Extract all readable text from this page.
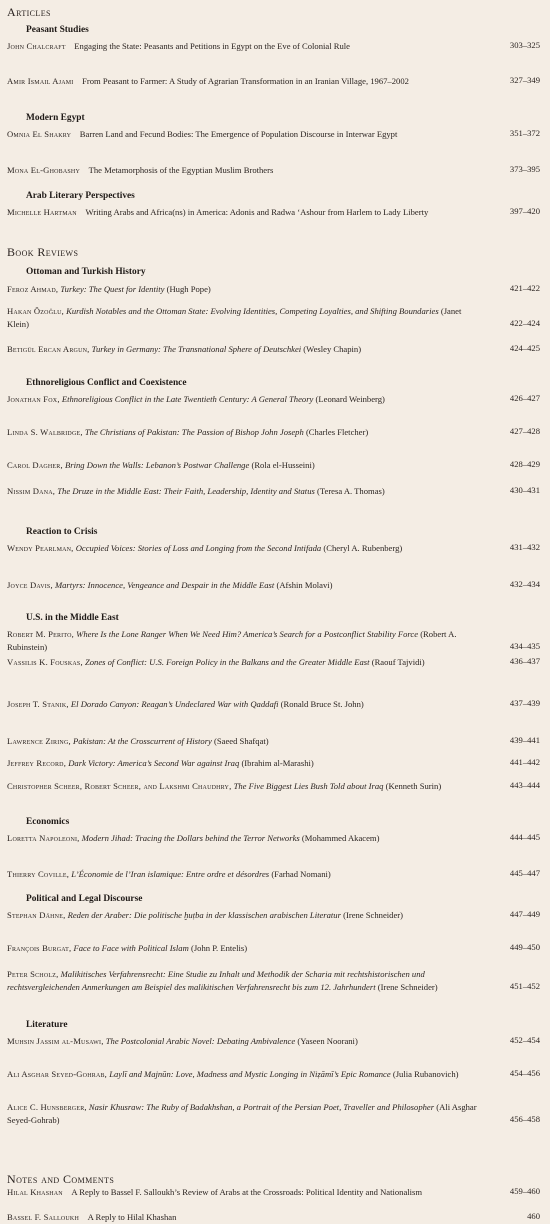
Articles
Peasant Studies
John Chalcraft  Engaging the State: Peasants and Petitions in Egypt on the Eve of Colonial Rule	303–325
Amir Ismail Ajami  From Peasant to Farmer: A Study of Agrarian Transformation in an Iranian Village, 1967–2002	327–349
Modern Egypt
Omnia El Shakry  Barren Land and Fecund Bodies: The Emergence of Population Discourse in Interwar Egypt	351–372
Mona El-Ghobashy  The Metamorphosis of the Egyptian Muslim Brothers	373–395
Arab Literary Perspectives
Michelle Hartman  Writing Arabs and Africa(ns) in America: Adonis and Radwa ‘Ashour from Harlem to Lady Liberty	397–420
Book Reviews
Ottoman and Turkish History
Feroz Ahmad, Turkey: The Quest for Identity (Hugh Pope)	421–422
Hakan Özoğlu, Kurdish Notables and the Ottoman State: Evolving Identities, Competing Loyalties, and Shifting Boundaries (Janet Klein)	422–424
Betigül Ercan Argun, Turkey in Germany: The Transnational Sphere of Deutschkei (Wesley Chapin)	424–425
Ethnoreligious Conflict and Coexistence
Jonathan Fox, Ethnoreligious Conflict in the Late Twentieth Century: A General Theory (Leonard Weinberg)	426–427
Linda S. Walbridge, The Christians of Pakistan: The Passion of Bishop John Joseph (Charles Fletcher)	427–428
Carol Dagher, Bring Down the Walls: Lebanon’s Postwar Challenge (Rola el-Husseini)	428–429
Nissim Dana, The Druze in the Middle East: Their Faith, Leadership, Identity and Status (Teresa A. Thomas)	430–431
Reaction to Crisis
Wendy Pearlman, Occupied Voices: Stories of Loss and Longing from the Second Intifada (Cheryl A. Rubenberg)	431–432
Joyce Davis, Martyrs: Innocence, Vengeance and Despair in the Middle East (Afshin Molavi)	432–434
U.S. in the Middle East
Robert M. Perito, Where Is the Lone Ranger When We Need Him? America’s Search for a Postconflict Stability Force (Robert A. Rubinstein)	434–435
Vassilis K. Fouskas, Zones of Conflict: U.S. Foreign Policy in the Balkans and the Greater Middle East (Raouf Tajvidi)	436–437
Joseph T. Stanik, El Dorado Canyon: Reagan’s Undeclared War with Qaddafi (Ronald Bruce St. John)	437–439
Lawrence Ziring, Pakistan: At the Crosscurrent of History (Saeed Shafqat)	439–441
Jeffrey Record, Dark Victory: America’s Second War against Iraq (Ibrahim al-Marashi)	441–442
Christopher Scheer, Robert Scheer, and Lakshmi Chaudhry, The Five Biggest Lies Bush Told about Iraq (Kenneth Surin)	443–444
Economics
Loretta Napoleoni, Modern Jihad: Tracing the Dollars behind the Terror Networks (Mohammed Akacem)	444–445
Thierry Coville, L’Économie de l’Iran islamique: Entre ordre et désordres (Farhad Nomani)	445–447
Political and Legal Discourse
Stephan Dähne, Reden der Araber: Die politische ḫuṭba in der klassischen arabischen Literatur (Irene Schneider)	447–449
François Burgat, Face to Face with Political Islam (John P. Entelis)	449–450
Peter Scholz, Malikitisches Verfahrensrecht: Eine Studie zu Inhalt und Methodik der Scharia mit rechtshistorischen und rechtsvergleichenden Anmerkungen am Beispiel des malikitischen Verfahrensrecht bis zum 12. Jahrhundert (Irene Schneider)	451–452
Literature
Muhsin Jassim al-Musawi, The Postcolonial Arabic Novel: Debating Ambivalence (Yaseen Noorani)	452–454
Ali Asghar Seyed-Gohrab, Laylī and Majnūn: Love, Madness and Mystic Longing in Niẓāmī’s Epic Romance (Julia Rubanovich)	454–456
Alice C. Hunsberger, Nasir Khusraw: The Ruby of Badakhshan, a Portrait of the Persian Poet, Traveller and Philosopher (Ali Asghar Seyed-Gohrab)	456–458
Notes and Comments
Hilal Khashan  A Reply to Bassel F. Salloukh’s Review of Arabs at the Crossroads: Political Identity and Nationalism	459–460
Bassel F. Salloukh  A Reply to Hilal Khashan	460
